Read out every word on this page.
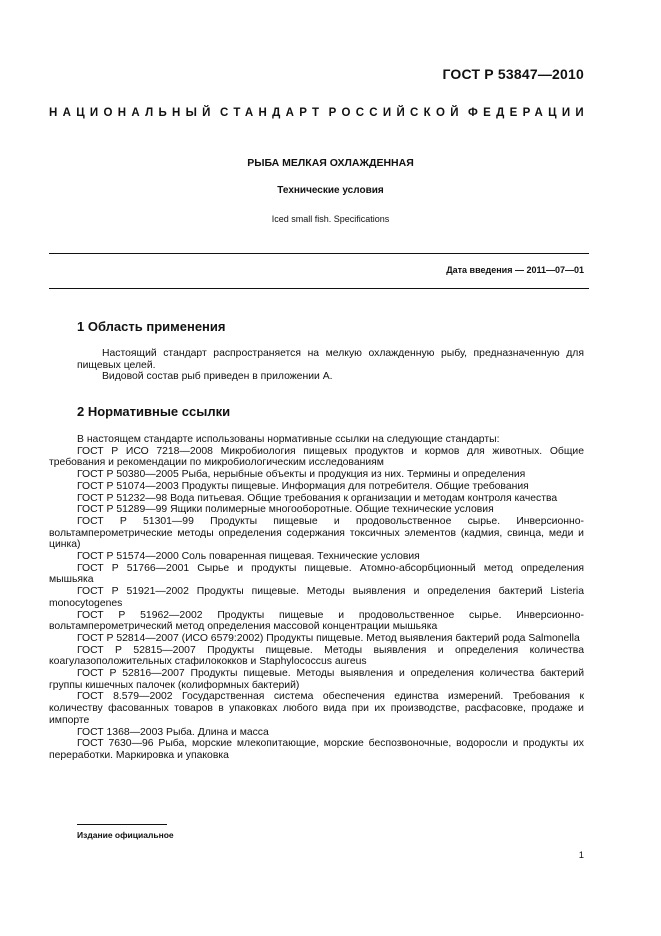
ГОСТ Р 53847—2010
НАЦИОНАЛЬНЫЙ СТАНДАРТ РОССИЙСКОЙ ФЕДЕРАЦИИ
РЫБА МЕЛКАЯ ОХЛАЖДЕННАЯ
Технические условия
Iced small fish. Specifications
Дата введения — 2011—07—01
1 Область применения
Настоящий стандарт распространяется на мелкую охлажденную рыбу, предназначенную для пищевых целей.
Видовой состав рыб приведен в приложении А.
2 Нормативные ссылки
В настоящем стандарте использованы нормативные ссылки на следующие стандарты:
ГОСТ Р ИСО 7218—2008 Микробиология пищевых продуктов и кормов для животных. Общие требования и рекомендации по микробиологическим исследованиям
ГОСТ Р 50380—2005 Рыба, нерыбные объекты и продукция из них. Термины и определения
ГОСТ Р 51074—2003 Продукты пищевые. Информация для потребителя. Общие требования
ГОСТ Р 51232—98 Вода питьевая. Общие требования к организации и методам контроля качества
ГОСТ Р 51289—99 Ящики полимерные многооборотные. Общие технические условия
ГОСТ Р 51301—99 Продукты пищевые и продовольственное сырье. Инверсионно-вольтамперометрические методы определения содержания токсичных элементов (кадмия, свинца, меди и цинка)
ГОСТ Р 51574—2000 Соль поваренная пищевая. Технические условия
ГОСТ Р 51766—2001 Сырье и продукты пищевые. Атомно-абсорбционный метод определения мышьяка
ГОСТ Р 51921—2002 Продукты пищевые. Методы выявления и определения бактерий Listeria monocytogenes
ГОСТ Р 51962—2002 Продукты пищевые и продовольственное сырье. Инверсионно-вольтамперометрический метод определения массовой концентрации мышьяка
ГОСТ Р 52814—2007 (ИСО 6579:2002) Продукты пищевые. Метод выявления бактерий рода Salmonella
ГОСТ Р 52815—2007 Продукты пищевые. Методы выявления и определения количества коагулазоположительных стафилококков и Staphylococcus aureus
ГОСТ Р 52816—2007 Продукты пищевые. Методы выявления и определения количества бактерий группы кишечных палочек (колиформных бактерий)
ГОСТ 8.579—2002 Государственная система обеспечения единства измерений. Требования к количеству фасованных товаров в упаковках любого вида при их производстве, расфасовке, продаже и импорте
ГОСТ 1368—2003 Рыба. Длина и масса
ГОСТ 7630—96 Рыба, морские млекопитающие, морские беспозвоночные, водоросли и продукты их переработки. Маркировка и упаковка
Издание официальное
1
